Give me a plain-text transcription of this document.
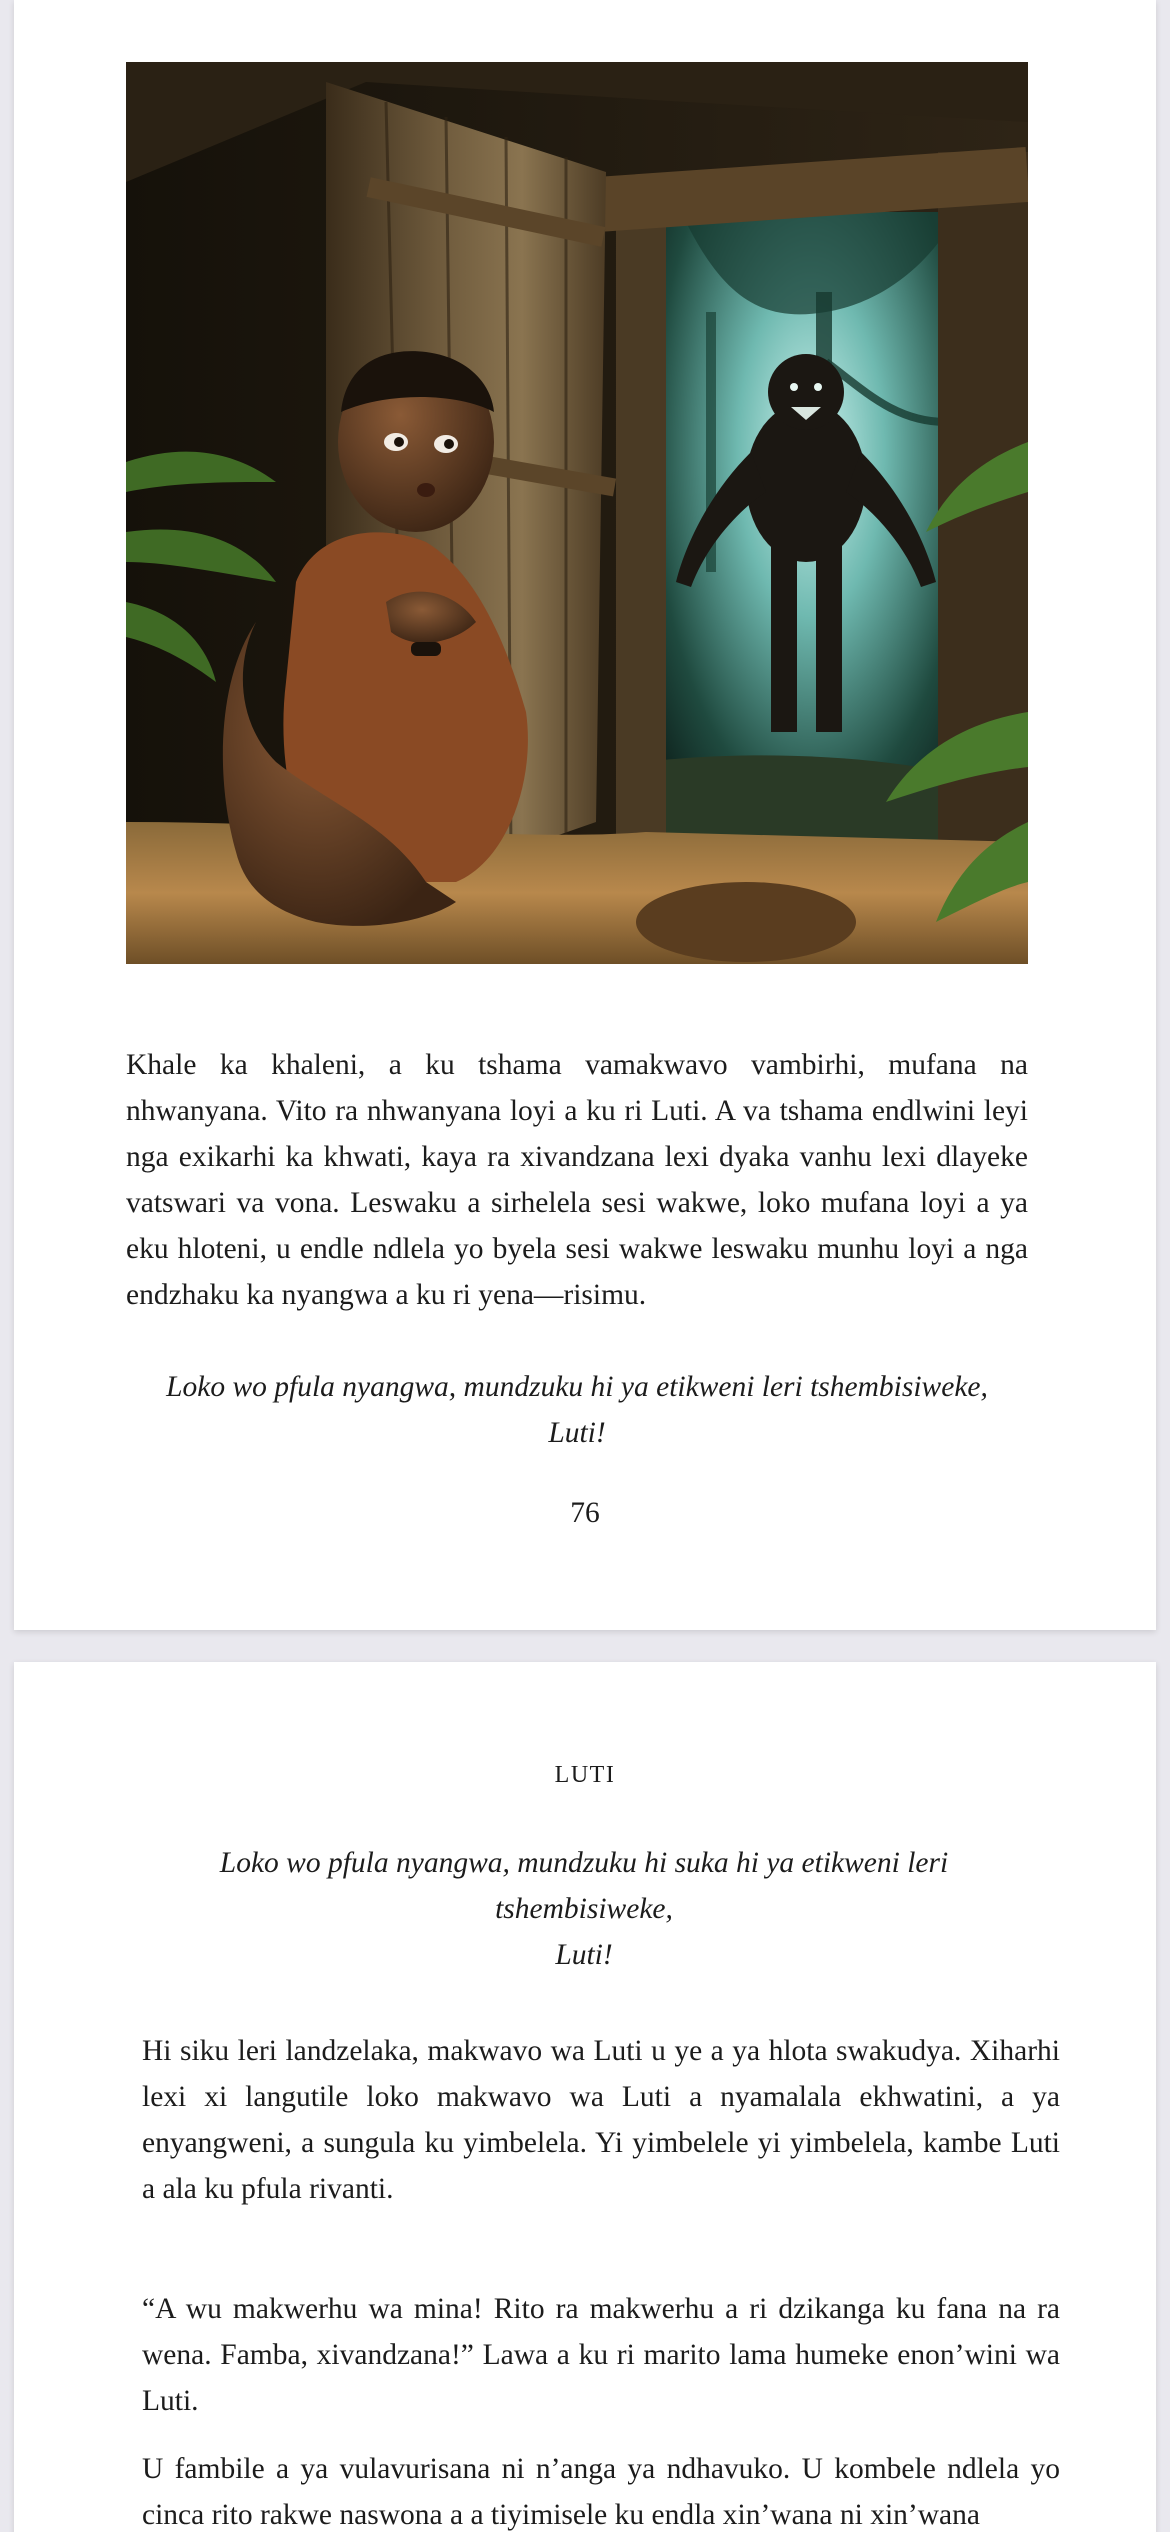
Khale ka khaleni, a ku tshama vamakwavo vambirhi, mufana na nhwanyana. Vito ra nhwanyana loyi a ku ri Luti. A va tshama endlwini leyi nga exikarhi ka khwati, kaya ra xivandzana lexi dyaka vanhu lexi dlayeke vatswari va vona. Leswaku a sirhelela sesi wakwe, loko mufana loyi a ya eku hloteni, u endle ndlela yo byela sesi wakwe leswaku munhu loyi a nga endzhaku ka nyangwa a ku ri yena—risimu.

Loko wo pfula nyangwa, mundzuku hi ya etikweni leri tshembisiweke,
Luti!

76
LUTI

Loko wo pfula nyangwa, mundzuku hi suka hi ya etikweni leri
tshembisiweke,
Luti!

Hi siku leri landzelaka, makwavo wa Luti u ye a ya hlota swakudya. Xiharhi lexi xi langutile loko makwavo wa Luti a nyamalala ekhwatini, a ya enyangweni, a sungula ku yimbelela. Yi yimbelele yi yimbelela, kambe Luti a ala ku pfula rivanti.

“A wu makwerhu wa mina! Rito ra makwerhu a ri dzikanga ku fana na ra wena. Famba, xivandzana!” Lawa a ku ri marito lama humeke enon’wini wa Luti.

U fambile a ya vulavurisana ni n’anga ya ndhavuko. U kombele ndlela yo cinca rito rakwe naswona a a tiyimisele ku endla xin’wana ni xin’wana
